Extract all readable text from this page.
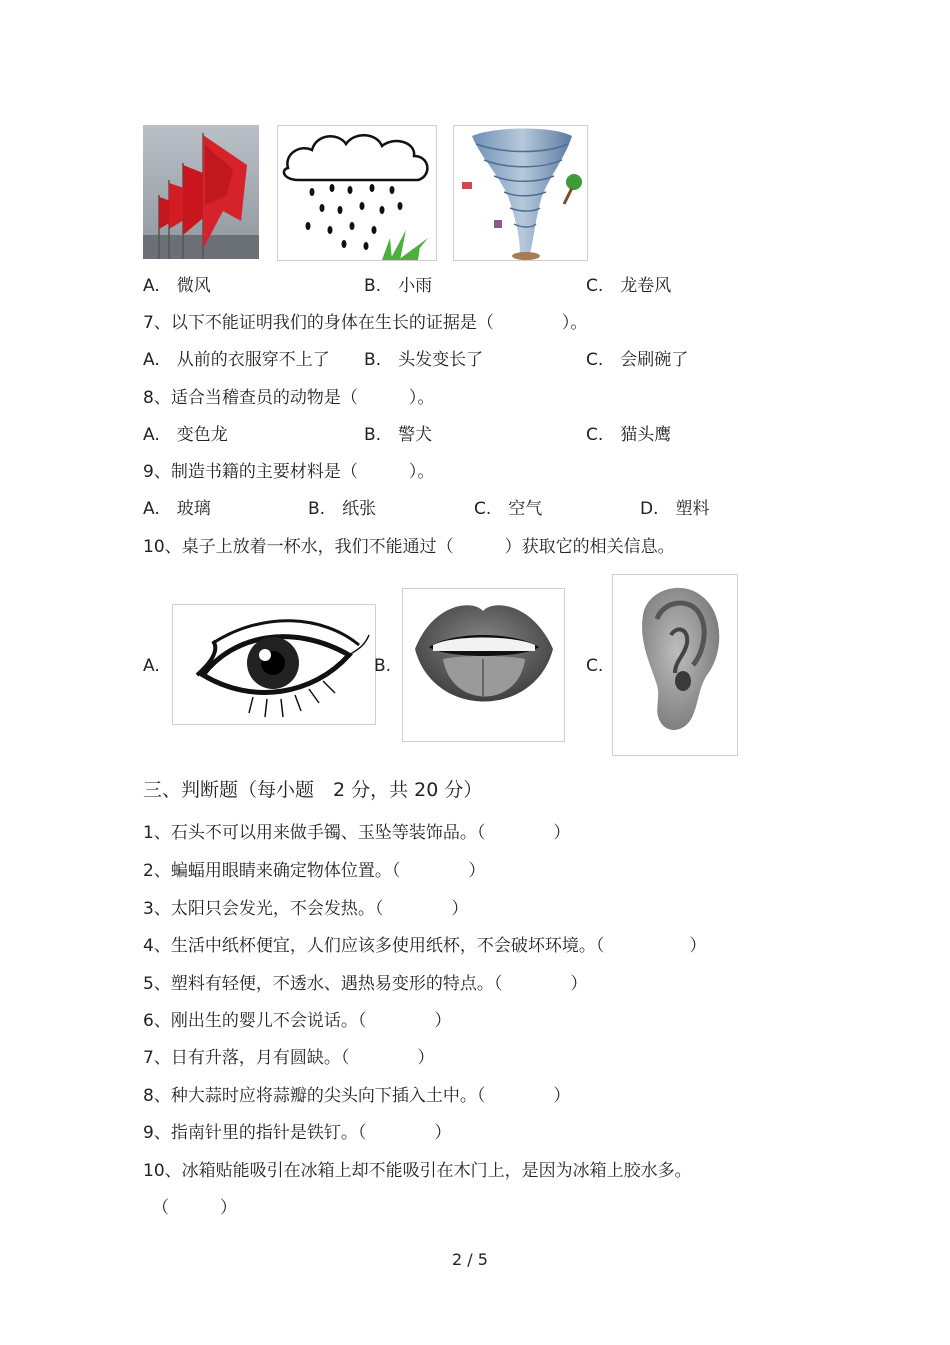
A.　微风	B.　小雨	C.　龙卷风
7、以下不能证明我们的身体在生长的证据是（　　　　）。
A.　从前的衣服穿不上了 B.　头发变长了	C.　会刷碗了
8、适合当稽查员的动物是（　　　）。
A.　变色龙	B.　警犬	C.　猫头鹰
9、制造书籍的主要材料是（　　　）。
A.　玻璃	B.　纸张	C.　空气	D.　塑料
10、桌子上放着一杯水，我们不能通过（　　　）获取它的相关信息。
A.	B.	C.
三、判断题（每小题　2 分，共 20 分）
1、石头不可以用来做手镯、玉坠等装饰品。（　　　　）
2、蝙蝠用眼睛来确定物体位置。（　　　　）
3、太阳只会发光，不会发热。（　　　　）
4、生活中纸杯便宜，人们应该多使用纸杯，不会破坏环境。（　　　　　）
5、塑料有轻便，不透水、遇热易变形的特点。（　　　　）
6、刚出生的婴儿不会说话。（　　　　）
7、日有升落，月有圆缺。（　　　　）
8、种大蒜时应将蒜瓣的尖头向下插入土中。（　　　　）
9、指南针里的指针是铁钉。（　　　　）
10、冰箱贴能吸引在冰箱上却不能吸引在木门上，是因为冰箱上胶水多。
（　　　）
2 / 5
